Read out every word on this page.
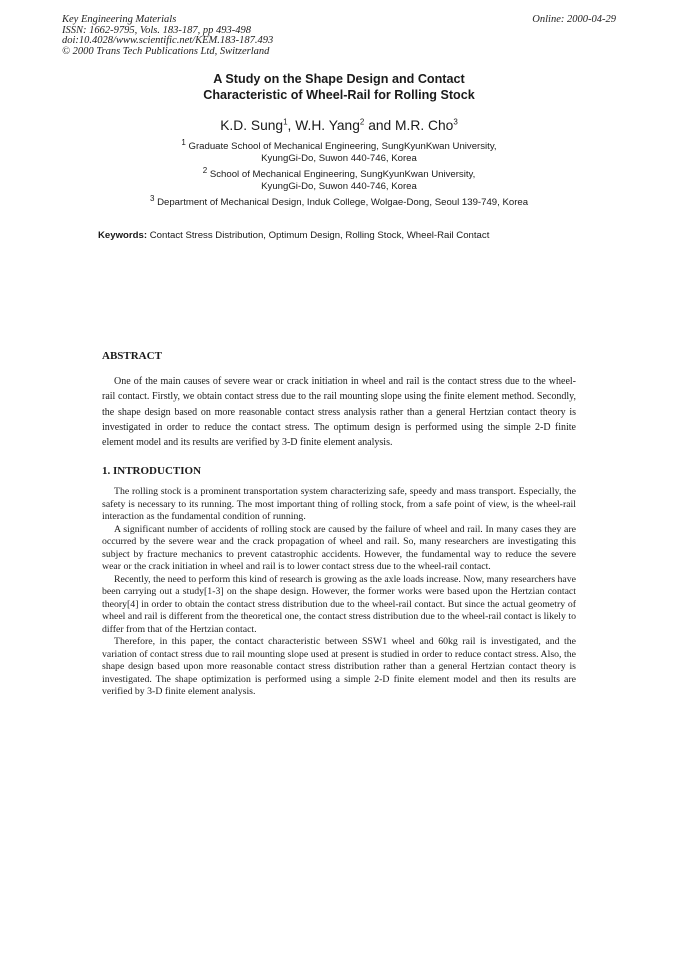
Key Engineering Materials
ISSN: 1662-9795, Vols. 183-187, pp 493-498
doi:10.4028/www.scientific.net/KEM.183-187.493
© 2000 Trans Tech Publications Ltd, Switzerland
Online: 2000-04-29
A Study on the Shape Design and Contact
Characteristic of Wheel-Rail for Rolling Stock
K.D. Sung$^1$, W.H. Yang$^2$ and M.R. Cho$^3$
$^1$ Graduate School of Mechanical Engineering, SungKyunKwan University,
KyungGi-Do, Suwon 440-746, Korea
$^2$ School of Mechanical Engineering, SungKyunKwan University,
KyungGi-Do, Suwon 440-746, Korea
$^3$ Department of Mechanical Design, Induk College, Wolgae-Dong, Seoul 139-749, Korea
Keywords: Contact Stress Distribution, Optimum Design, Rolling Stock, Wheel-Rail Contact
ABSTRACT

One of the main causes of severe wear or crack initiation in wheel and rail is the contact stress due to the wheel-rail contact. Firstly, we obtain contact stress due to the rail mounting slope using the finite element method. Secondly, the shape design based on more reasonable contact stress analysis rather than a general Hertzian contact theory is investigated in order to reduce the contact stress. The optimum design is performed using the simple 2-D finite element model and its results are verified by 3-D finite element analysis.

1. INTRODUCTION

The rolling stock is a prominent transportation system characterizing safe, speedy and mass transport. Especially, the safety is necessary to its running. The most important thing of rolling stock, from a safe point of view, is the wheel-rail interaction as the fundamental condition of running.

A significant number of accidents of rolling stock are caused by the failure of wheel and rail. In many cases they are occurred by the severe wear and the crack propagation of wheel and rail. So, many researchers are investigating this subject by fracture mechanics to prevent catastrophic accidents. However, the fundamental way to reduce the severe wear or the crack initiation in wheel and rail is to lower contact stress due to the wheel-rail contact.

Recently, the need to perform this kind of research is growing as the axle loads increase. Now, many researchers have been carrying out a study[1-3] on the shape design. However, the former works were based upon the Hertzian contact theory[4] in order to obtain the contact stress distribution due to the wheel-rail contact. But since the actual geometry of wheel and rail is different from the theoretical one, the contact stress distribution due to the wheel-rail contact is likely to differ from that of the Hertzian contact.

Therefore, in this paper, the contact characteristic between SSW1 wheel and 60kg rail is investigated, and the variation of contact stress due to rail mounting slope used at present is studied in order to reduce contact stress. Also, the shape design based upon more reasonable contact stress distribution rather than a general Hertzian contact theory is investigated. The shape optimization is performed using a simple 2-D finite element model and then its results are verified by 3-D finite element analysis.
